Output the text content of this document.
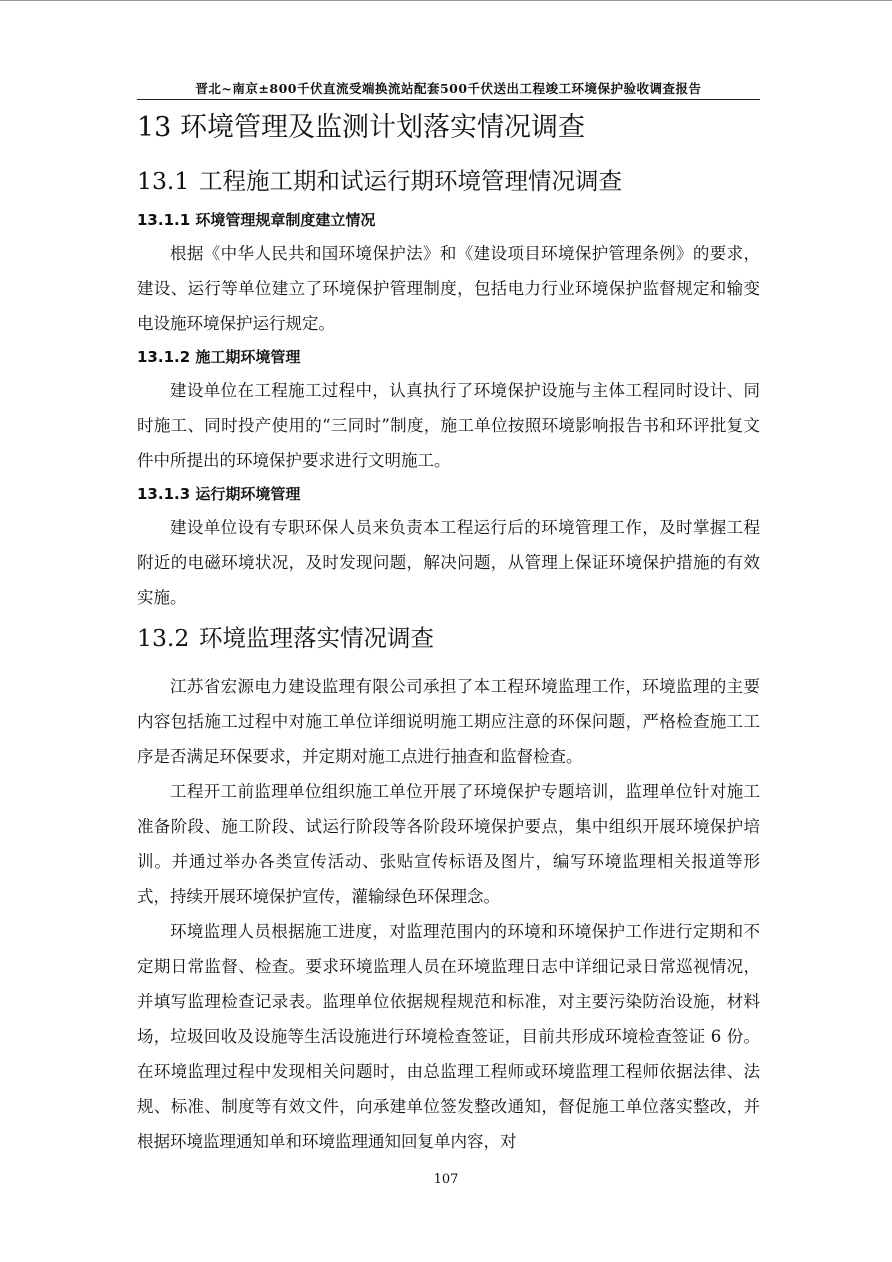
晋北~南京±800千伏直流受端换流站配套500千伏送出工程竣工环境保护验收调查报告
13 环境管理及监测计划落实情况调查
13.1 工程施工期和试运行期环境管理情况调查
13.1.1 环境管理规章制度建立情况

根据《中华人民共和国环境保护法》和《建设项目环境保护管理条例》的要求，建设、运行等单位建立了环境保护管理制度，包括电力行业环境保护监督规定和输变电设施环境保护运行规定。

13.1.2 施工期环境管理

建设单位在工程施工过程中，认真执行了环境保护设施与主体工程同时设计、同时施工、同时投产使用的“三同时”制度，施工单位按照环境影响报告书和环评批复文件中所提出的环境保护要求进行文明施工。

13.1.3 运行期环境管理

建设单位设有专职环保人员来负责本工程运行后的环境管理工作，及时掌握工程附近的电磁环境状况，及时发现问题，解决问题，从管理上保证环境保护措施的有效实施。

13.2 环境监理落实情况调查

江苏省宏源电力建设监理有限公司承担了本工程环境监理工作，环境监理的主要内容包括施工过程中对施工单位详细说明施工期应注意的环保问题，严格检查施工工序是否满足环保要求，并定期对施工点进行抽查和监督检查。

工程开工前监理单位组织施工单位开展了环境保护专题培训，监理单位针对施工准备阶段、施工阶段、试运行阶段等各阶段环境保护要点，集中组织开展环境保护培训。并通过举办各类宣传活动、张贴宣传标语及图片，编写环境监理相关报道等形式，持续开展环境保护宣传，灌输绿色环保理念。

环境监理人员根据施工进度，对监理范围内的环境和环境保护工作进行定期和不定期日常监督、检查。要求环境监理人员在环境监理日志中详细记录日常巡视情况，并填写监理检查记录表。监理单位依据规程规范和标准，对主要污染防治设施，材料场，垃圾回收及设施等生活设施进行环境检查签证，目前共形成环境检查签证 6 份。在环境监理过程中发现相关问题时，由总监理工程师或环境监理工程师依据法律、法规、标准、制度等有效文件，向承建单位签发整改通知，督促施工单位落实整改，并根据环境监理通知单和环境监理通知回复单内容，对

107
